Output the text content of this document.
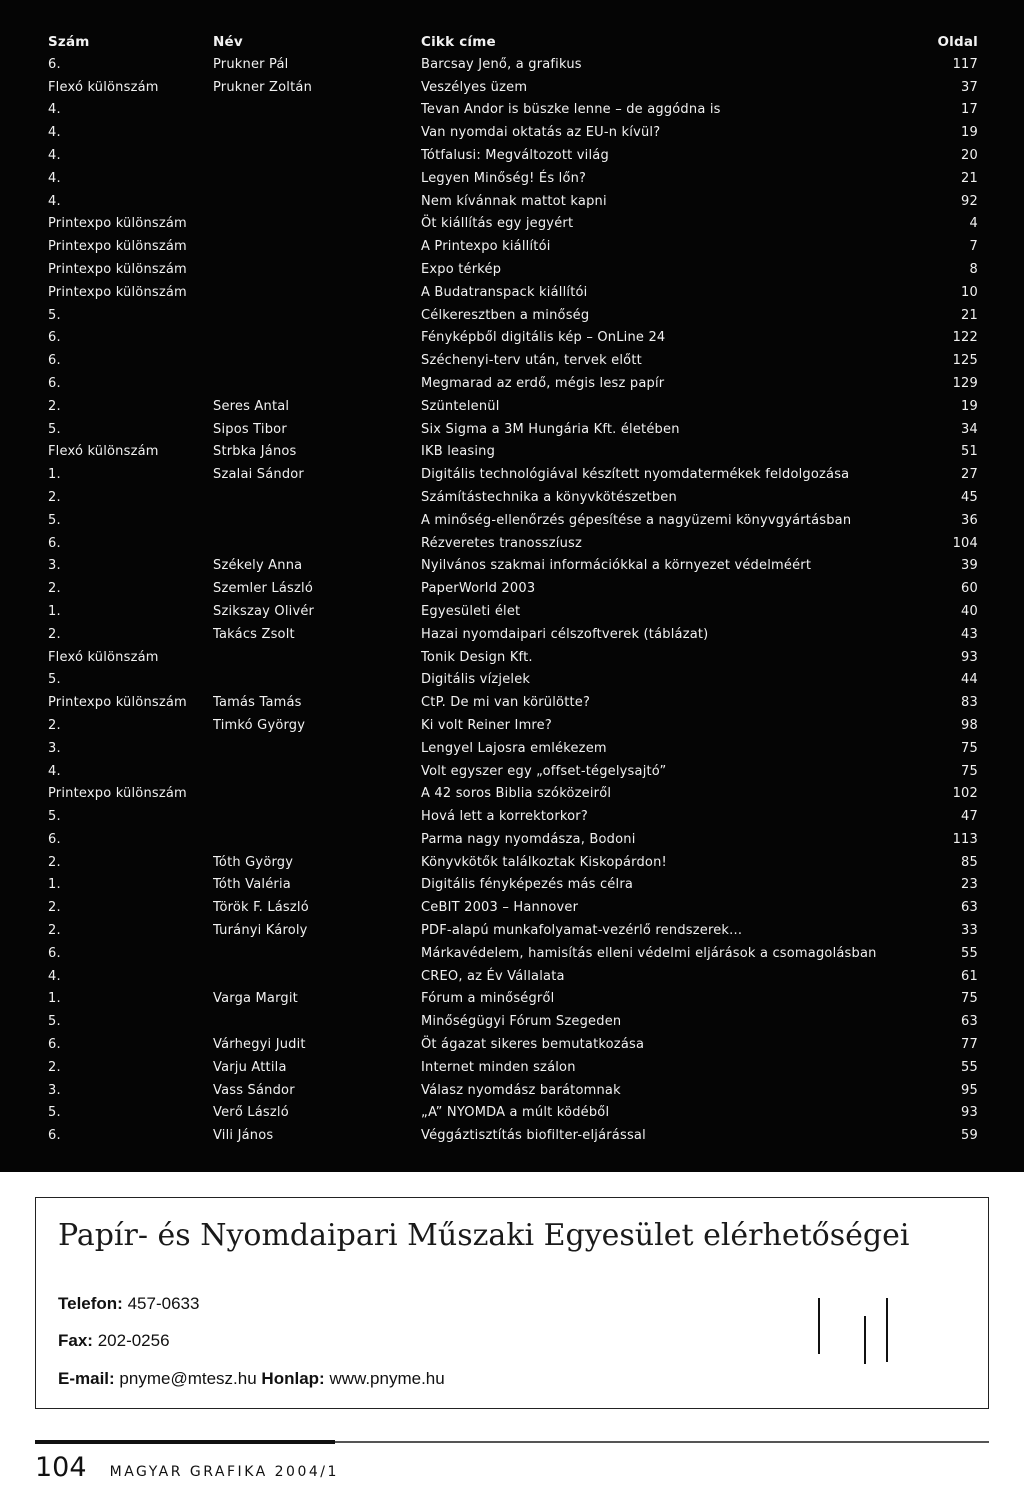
Szám	Név	Cikk címe	Oldal
6.	Prukner Pál	Barcsay Jenő, a grafikus	117
Flexó különszám	Prukner Zoltán	Veszélyes üzem	37
4.		Tevan Andor is büszke lenne – de aggódna is	17
4.		Van nyomdai oktatás az EU-n kívül?	19
4.		Tótfalusi: Megváltozott világ	20
4.		Legyen Minőség! És lőn?	21
4.		Nem kívánnak mattot kapni	92
Printexpo különszám		Öt kiállítás egy jegyért	4
Printexpo különszám		A Printexpo kiállítói	7
Printexpo különszám		Expo térkép	8
Printexpo különszám		A Budatranspack kiállítói	10
5.		Célkeresztben a minőség	21
6.		Fényképből digitális kép – OnLine 24	122
6.		Széchenyi-terv után, tervek előtt	125
6.		Megmarad az erdő, mégis lesz papír	129
2.	Seres Antal	Szüntelenül	19
5.	Sipos Tibor	Six Sigma a 3M Hungária Kft. életében	34
Flexó különszám	Strbka János	IKB leasing	51
1.	Szalai Sándor	Digitális technológiával készített nyomdatermékek feldolgozása	27
2.		Számítástechnika a könyvkötészetben	45
5.		A minőség-ellenőrzés gépesítése a nagyüzemi könyvgyártásban	36
6.		Rézveretes tranosszíusz	104
3.	Székely Anna	Nyilvános szakmai információkkal a környezet védelméért	39
2.	Szemler László	PaperWorld 2003	60
1.	Szikszay Olivér	Egyesületi élet	40
2.	Takács Zsolt	Hazai nyomdaipari célszoftverek (táblázat)	43
Flexó különszám		Tonik Design Kft.	93
5.		Digitális vízjelek	44
Printexpo különszám	Tamás Tamás	CtP. De mi van körülötte?	83
2.	Timkó György	Ki volt Reiner Imre?	98
3.		Lengyel Lajosra emlékezem	75
4.		Volt egyszer egy „offset-tégelysajtó”	75
Printexpo különszám		A 42 soros Biblia szóközeiről	102
5.		Hová lett a korrektorkor?	47
6.		Parma nagy nyomdásza, Bodoni	113
2.	Tóth György	Könyvkötők találkoztak Kiskopárdon!	85
1.	Tóth Valéria	Digitális fényképezés más célra	23
2.	Török F. László	CeBIT 2003 – Hannover	63
2.	Turányi Károly	PDF-alapú munkafolyamat-vezérlő rendszerek...	33
6.		Márkavédelem, hamisítás elleni védelmi eljárások a csomagolásban	55
4.		CREO, az Év Vállalata	61
1.	Varga Margit	Fórum a minőségről	75
5.		Minőségügyi Fórum Szegeden	63
6.	Várhegyi Judit	Öt ágazat sikeres bemutatkozása	77
2.	Varju Attila	Internet minden szálon	55
3.	Vass Sándor	Válasz nyomdász barátomnak	95
5.	Verő László	„A” NYOMDA a múlt ködéből	93
6.	Vili János	Véggáztisztítás biofilter-eljárással	59
Papír- és Nyomdaipari Műszaki Egyesület elérhetőségei
Telefon: 457-0633
Fax: 202-0256
E-mail: pnyme@mtesz.hu Honlap: www.pnyme.hu
104 MAGYAR GRAFIKA 2004/1
